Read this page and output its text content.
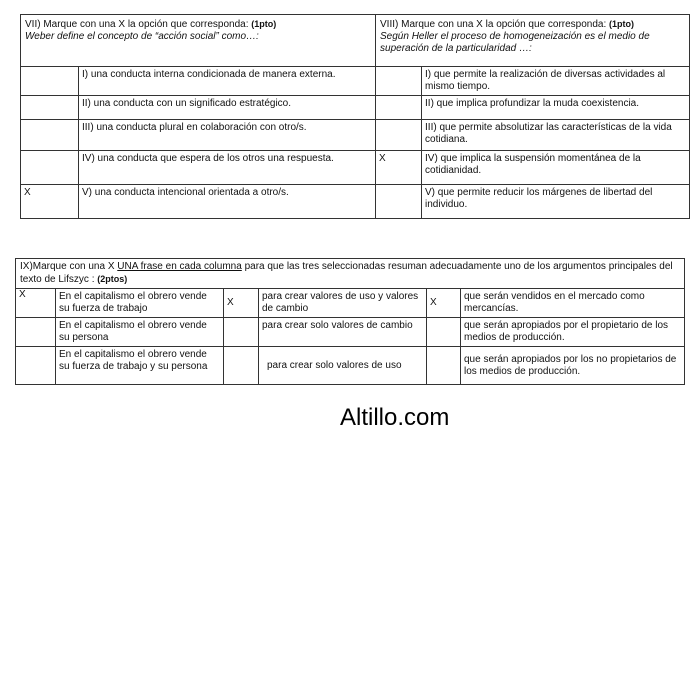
VII) Marque con una X la opción que corresponda: (1pto)
Weber define el concepto de “acción social” como…:		VIII) Marque con una X la opción que corresponda: (1pto)
Según Heller el proceso de homogeneización es el medio de superación de la particularidad …:	
	I) una conducta interna condicionada de manera externa.		I) que permite la realización de diversas actividades al mismo tiempo.
	II) una conducta con un significado estratégico.		II) que implica profundizar la muda coexistencia.
	III) una conducta plural en colaboración con otro/s.		III) que permite absolutizar las características de la vida cotidiana.
	IV) una conducta que espera de los otros una respuesta.	X	IV) que implica la suspensión momentánea de la cotidianidad.
X	V) una conducta intencional orientada a otro/s.		V) que permite reducir los márgenes de libertad del individuo.
IX)Marque con una X UNA frase en cada columna para que las tres seleccionadas resuman adecuadamente uno de los argumentos principales del texto de Lifszyc : (2ptos)					
X	En el capitalismo el obrero vende su fuerza de trabajo	X	para crear valores de uso y valores de cambio	X	que serán vendidos en el mercado como mercancías.
	En el capitalismo el obrero vende su persona		para crear solo valores de cambio		que serán apropiados por el propietario de los medios de producción.
	En el capitalismo el obrero vende su fuerza de trabajo y su persona		para crear solo valores de uso		que serán apropiados por los no propietarios de los medios de producción.
Altillo.com
